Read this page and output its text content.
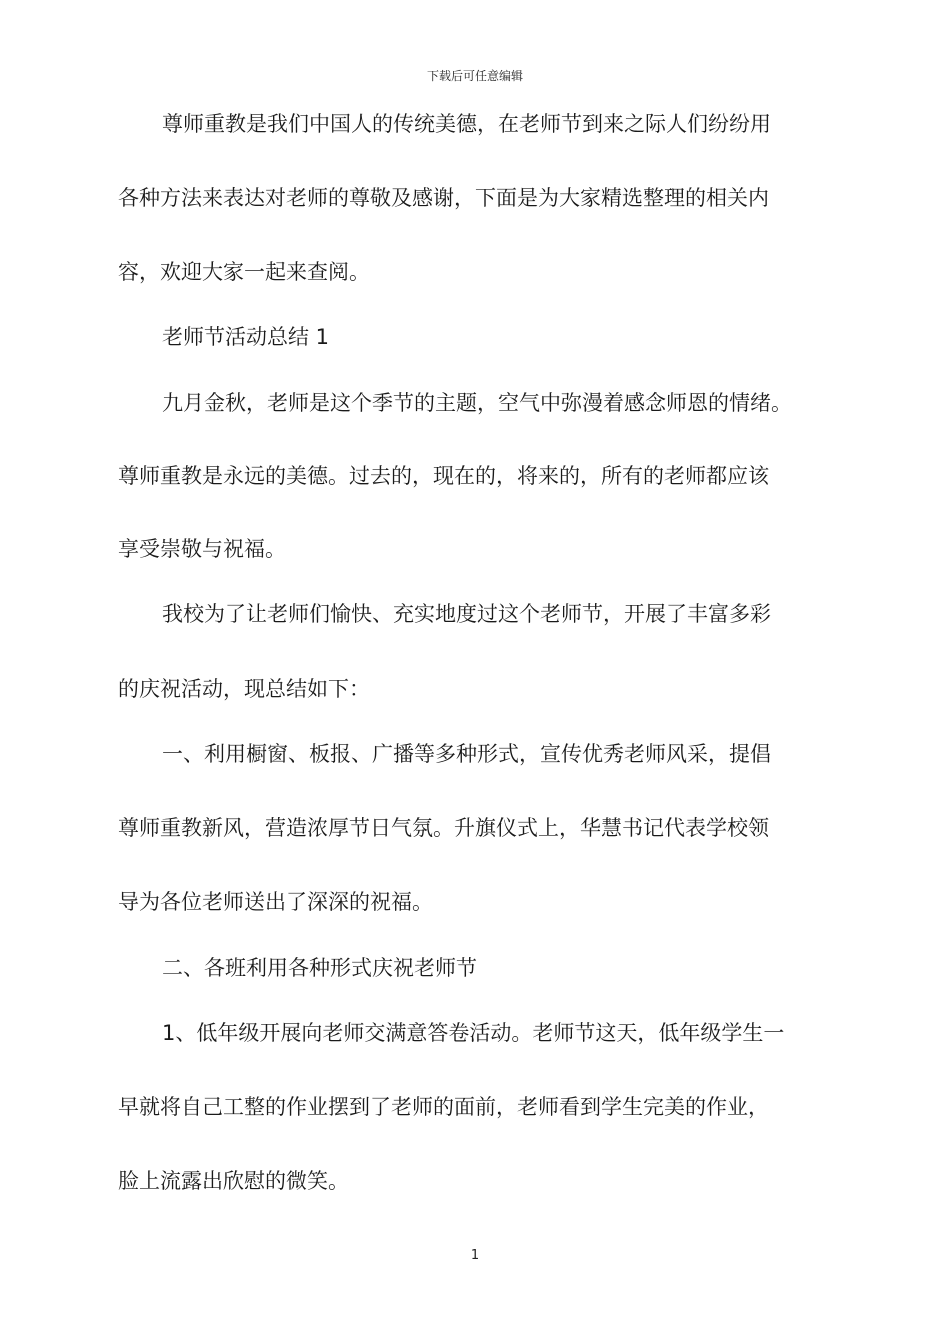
下载后可任意编辑
尊师重教是我们中国人的传统美德，在老师节到来之际人们纷纷用
各种方法来表达对老师的尊敬及感谢，下面是为大家精选整理的相关内
容，欢迎大家一起来查阅。
老师节活动总结 1
九月金秋，老师是这个季节的主题，空气中弥漫着感念师恩的情绪。
尊师重教是永远的美德。过去的，现在的，将来的，所有的老师都应该
享受崇敬与祝福。
我校为了让老师们愉快、充实地度过这个老师节，开展了丰富多彩
的庆祝活动，现总结如下：
一、利用橱窗、板报、广播等多种形式，宣传优秀老师风采，提倡
尊师重教新风，营造浓厚节日气氛。升旗仪式上，华慧书记代表学校领
导为各位老师送出了深深的祝福。
二、各班利用各种形式庆祝老师节
1、低年级开展向老师交满意答卷活动。老师节这天，低年级学生一
早就将自己工整的作业摆到了老师的面前，老师看到学生完美的作业，
脸上流露出欣慰的微笑。
1
